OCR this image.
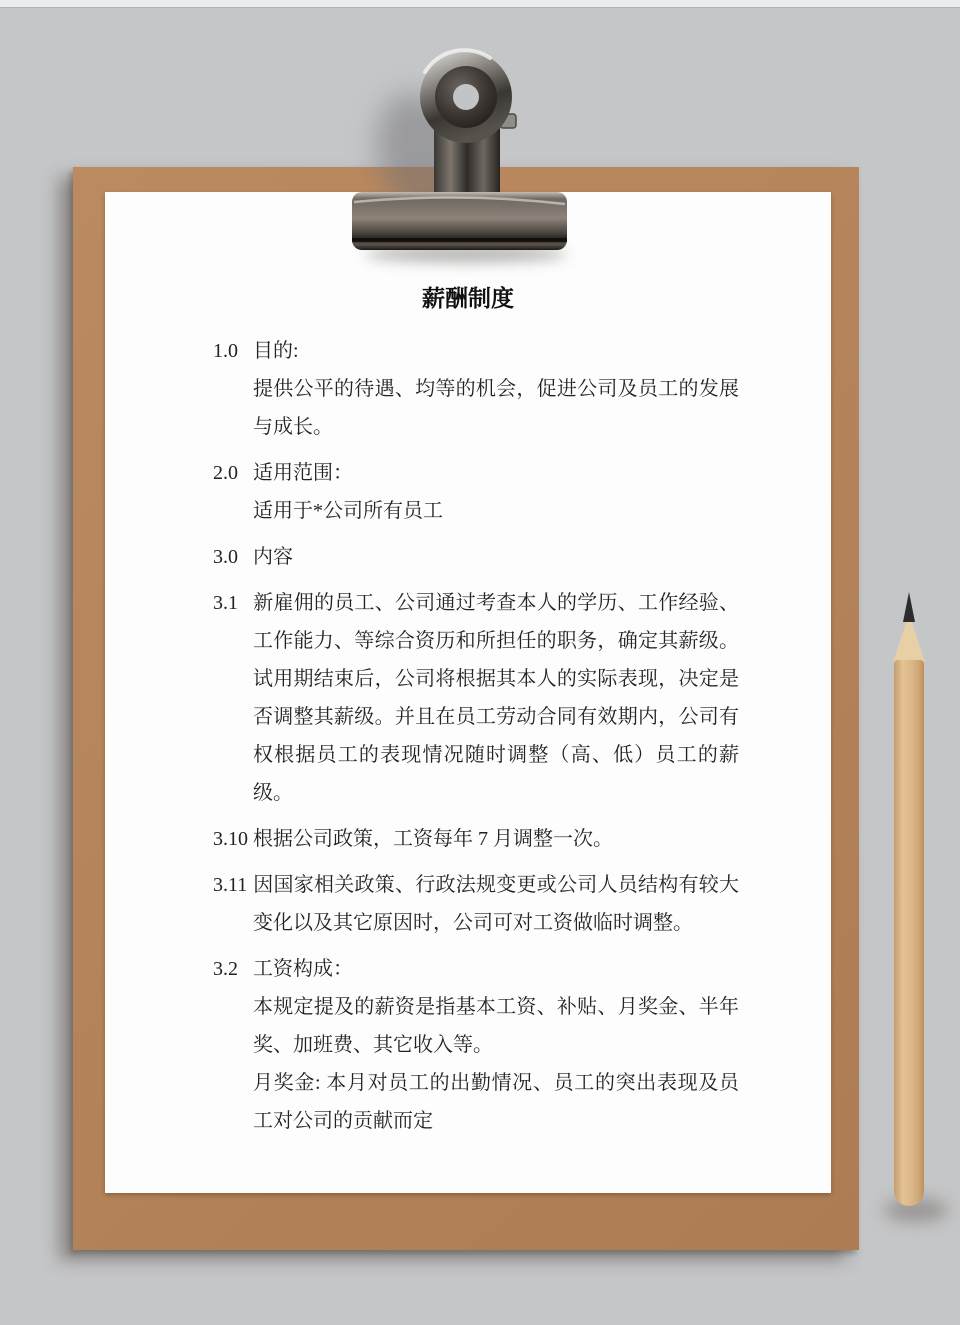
薪酬制度

1.0 目的:

提供公平的待遇、均等的机会，促进公司及员工的发展与成长。

2.0 适用范围：

适用于*公司所有员工

3.0 内容

3.1 新雇佣的员工、公司通过考查本人的学历、工作经验、工作能力、等综合资历和所担任的职务，确定其薪级。试用期结束后，公司将根据其本人的实际表现，决定是否调整其薪级。并且在员工劳动合同有效期内，公司有权根据员工的表现情况随时调整（高、低）员工的薪级。

3.10 根据公司政策，工资每年 7 月调整一次。

3.11 因国家相关政策、行政法规变更或公司人员结构有较大变化以及其它原因时，公司可对工资做临时调整。

3.2 工资构成：

本规定提及的薪资是指基本工资、补贴、月奖金、半年奖、加班费、其它收入等。

月奖金: 本月对员工的出勤情况、员工的突出表现及员工对公司的贡献而定
